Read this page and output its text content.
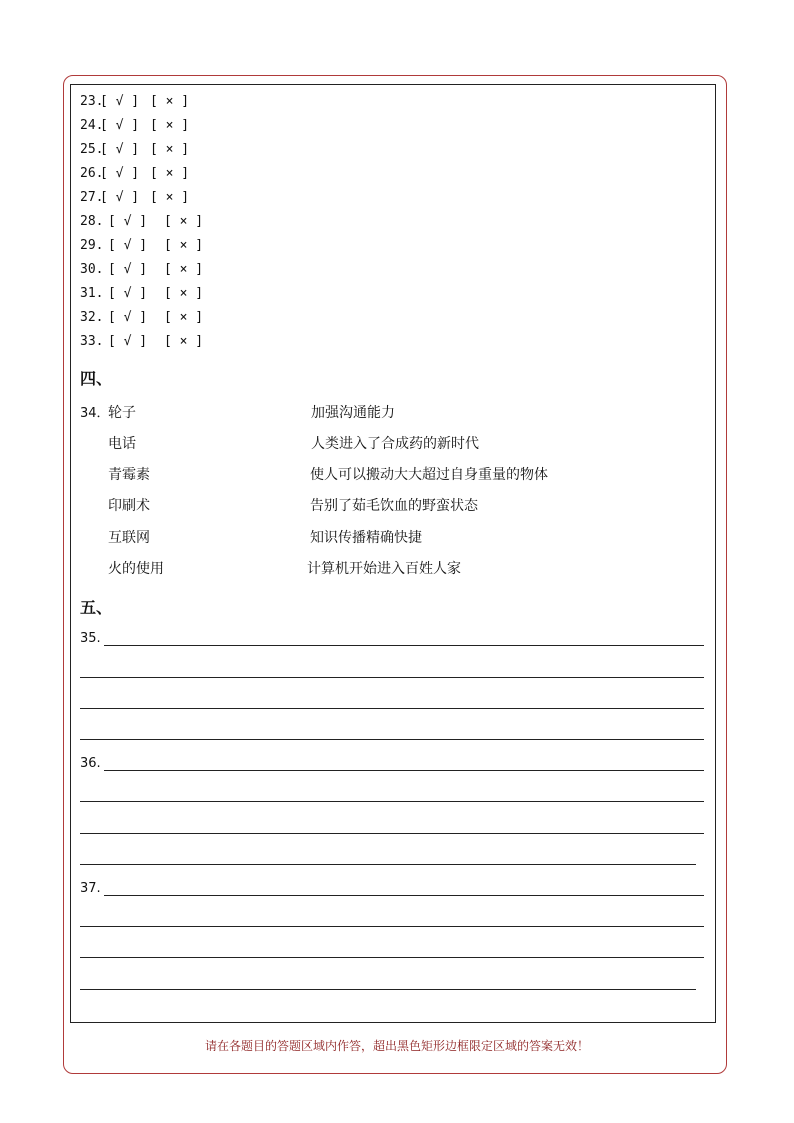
23.
[ √ ] [ × ]
24.
[ √ ] [ × ]
25.
[ √ ] [ × ]
26.
[ √ ] [ × ]
27.
[ √ ] [ × ]
28. [ √ ] [ × ]
29. [ √ ] [ × ]
30. [ √ ] [ × ]
31. [ √ ] [ × ]
32. [ √ ] [ × ]
33. [ √ ] [ × ]
四、
34．
轮子
电话
青霉素
印刷术
互联网
火的使用
加强沟通能力
人类进入了合成药的新时代
使人可以搬动大大超过自身重量的物体
告别了茹毛饮血的野蛮状态
知识传播精确快捷
计算机开始进入百姓人家
五、
35.
36.
37.
请在各题目的答题区域内作答，超出黑色矩形边框限定区域的答案无效！
